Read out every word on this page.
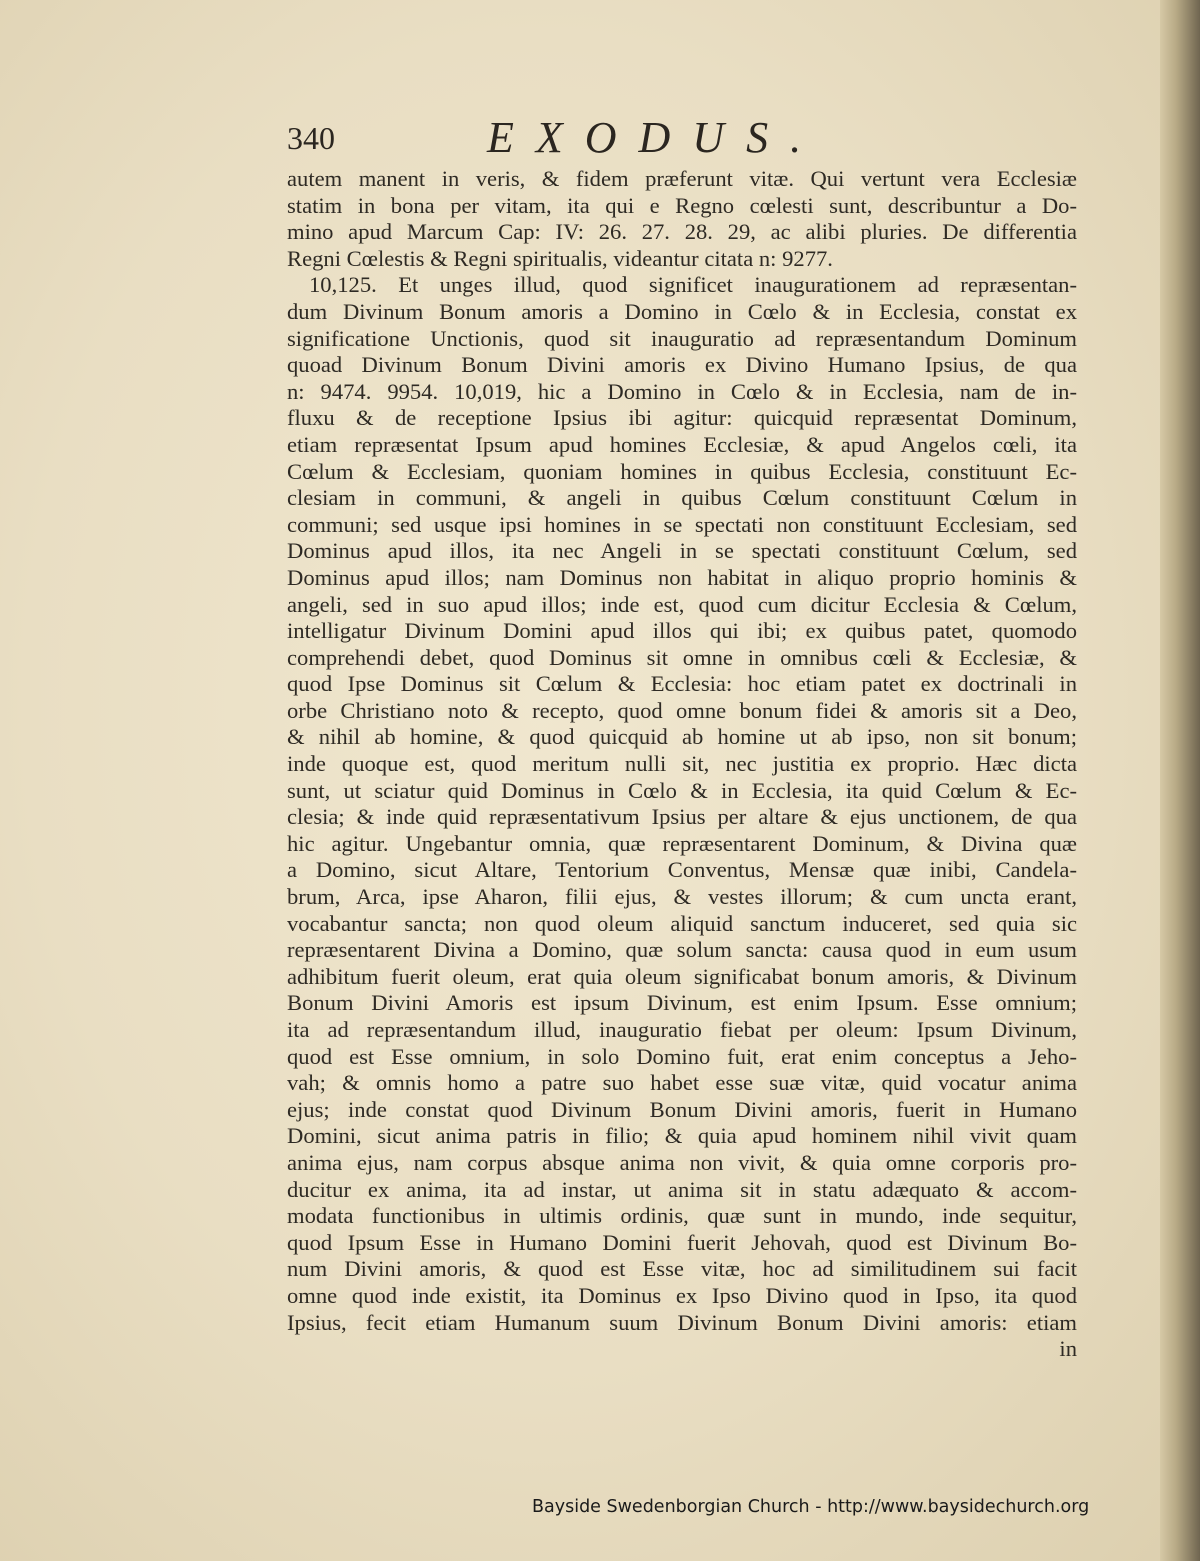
340	EXODUS.
autem manent in veris, & fidem præferunt vitæ. Qui vertunt vera Ecclesiæ
statim in bona per vitam, ita qui e Regno cœlesti sunt, describuntur a Do-
mino apud Marcum Cap: IV: 26. 27. 28. 29, ac alibi pluries. De differentia
Regni Cœlestis & Regni spiritualis, videantur citata n: 9277.
10,125. Et unges illud, quod significet inaugurationem ad repræsentan-
dum Divinum Bonum amoris a Domino in Cœlo & in Ecclesia, constat ex
significatione Unctionis, quod sit inauguratio ad repræsentandum Dominum
quoad Divinum Bonum Divini amoris ex Divino Humano Ipsius, de qua
n: 9474. 9954. 10,019, hic a Domino in Cœlo & in Ecclesia, nam de in-
fluxu & de receptione Ipsius ibi agitur: quicquid repræsentat Dominum,
etiam repræsentat Ipsum apud homines Ecclesiæ, & apud Angelos cœli, ita
Cœlum & Ecclesiam, quoniam homines in quibus Ecclesia, constituunt Ec-
clesiam in communi, & angeli in quibus Cœlum constituunt Cœlum in
communi; sed usque ipsi homines in se spectati non constituunt Ecclesiam, sed
Dominus apud illos, ita nec Angeli in se spectati constituunt Cœlum, sed
Dominus apud illos; nam Dominus non habitat in aliquo proprio hominis &
angeli, sed in suo apud illos; inde est, quod cum dicitur Ecclesia & Cœlum,
intelligatur Divinum Domini apud illos qui ibi; ex quibus patet, quomodo
comprehendi debet, quod Dominus sit omne in omnibus cœli & Ecclesiæ, &
quod Ipse Dominus sit Cœlum & Ecclesia: hoc etiam patet ex doctrinali in
orbe Christiano noto & recepto, quod omne bonum fidei & amoris sit a Deo,
& nihil ab homine, & quod quicquid ab homine ut ab ipso, non sit bonum;
inde quoque est, quod meritum nulli sit, nec justitia ex proprio. Hæc dicta
sunt, ut sciatur quid Dominus in Cœlo & in Ecclesia, ita quid Cœlum & Ec-
clesia; & inde quid repræsentativum Ipsius per altare & ejus unctionem, de qua
hic agitur. Ungebantur omnia, quæ repræsentarent Dominum, & Divina quæ
a Domino, sicut Altare, Tentorium Conventus, Mensæ quæ inibi, Candela-
brum, Arca, ipse Aharon, filii ejus, & vestes illorum; & cum uncta erant,
vocabantur sancta; non quod oleum aliquid sanctum induceret, sed quia sic
repræsentarent Divina a Domino, quæ solum sancta: causa quod in eum usum
adhibitum fuerit oleum, erat quia oleum significabat bonum amoris, & Divinum
Bonum Divini Amoris est ipsum Divinum, est enim Ipsum. Esse omnium;
ita ad repræsentandum illud, inauguratio fiebat per oleum: Ipsum Divinum,
quod est Esse omnium, in solo Domino fuit, erat enim conceptus a Jeho-
vah; & omnis homo a patre suo habet esse suæ vitæ, quid vocatur anima
ejus; inde constat quod Divinum Bonum Divini amoris, fuerit in Humano
Domini, sicut anima patris in filio; & quia apud hominem nihil vivit quam
anima ejus, nam corpus absque anima non vivit, & quia omne corporis pro-
ducitur ex anima, ita ad instar, ut anima sit in statu adæquato & accom-
modata functionibus in ultimis ordinis, quæ sunt in mundo, inde sequitur,
quod Ipsum Esse in Humano Domini fuerit Jehovah, quod est Divinum Bo-
num Divini amoris, & quod est Esse vitæ, hoc ad similitudinem sui facit
omne quod inde existit, ita Dominus ex Ipso Divino quod in Ipso, ita quod
Ipsius, fecit etiam Humanum suum Divinum Bonum Divini amoris: etiam
in
Bayside Swedenborgian Church - http://www.baysidechurch.org
